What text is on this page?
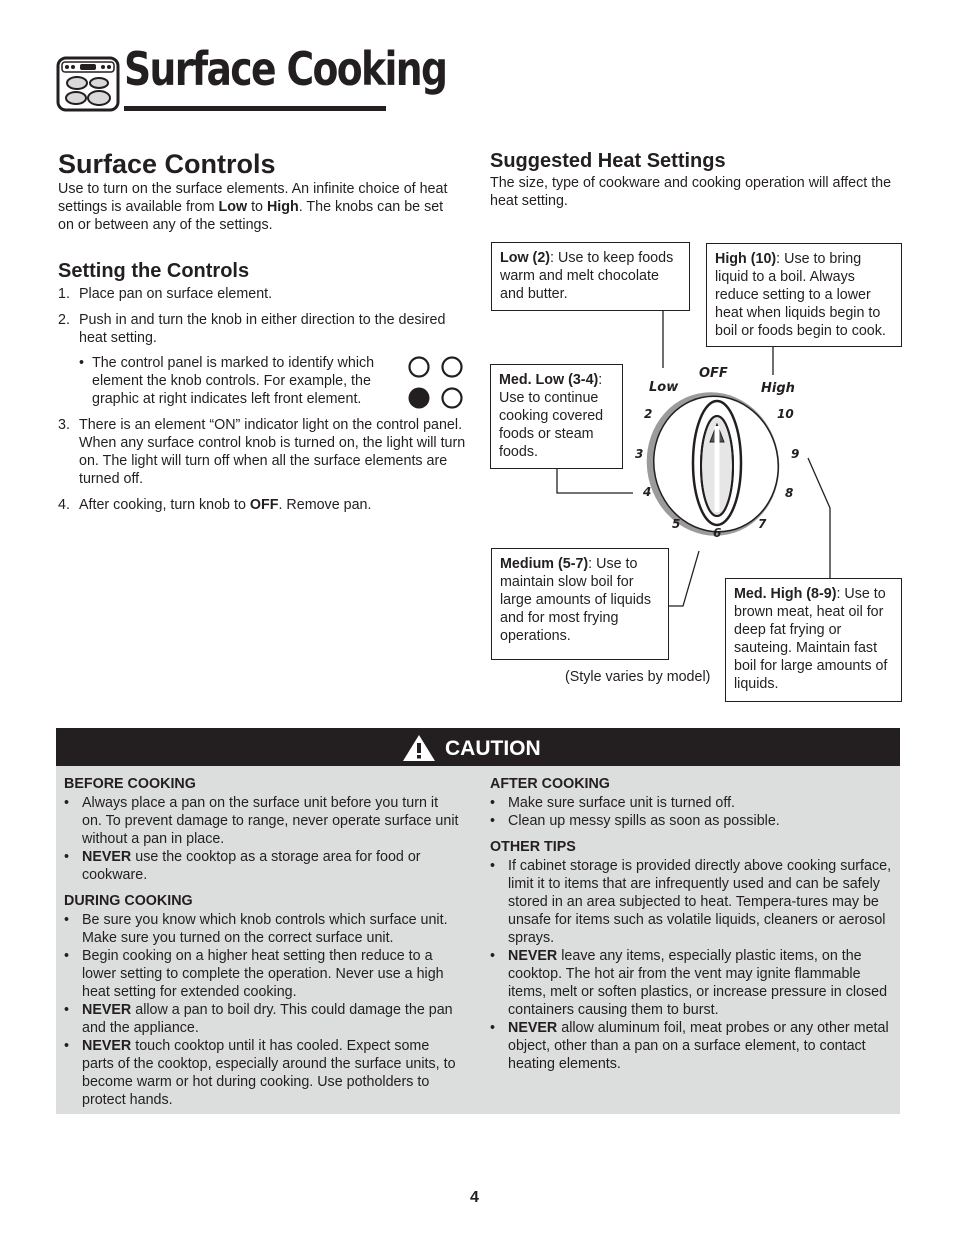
Surface Cooking
Surface Controls
Use to turn on the surface elements. An infinite choice of heat settings is available from Low to High. The knobs can be set on or between any of the settings.
Setting the Controls
1. Place pan on surface element.
2. Push in and turn the knob in either direction to the desired heat setting.
• The control panel is marked to identify which element the knob controls. For example, the graphic at right indicates left front element.
3. There is an element “ON” indicator light on the control panel. When any surface control knob is turned on, the light will turn on. The light will turn off when all the surface elements are turned off.
4. After cooking, turn knob to OFF. Remove pan.
Suggested Heat Settings
The size, type of cookware and cooking operation will affect the heat setting.
OFF
Low	High
2
3
4
5
6
7
8
9
10
Low (2): Use to keep foods warm and melt chocolate and butter.
High (10): Use to bring liquid to a boil. Always reduce setting to a lower heat when liquids begin to boil or foods begin to cook.
Med. Low (3-4): Use to continue cooking covered foods or steam foods.
Medium (5-7): Use to maintain slow boil for large amounts of liquids and for most frying operations.
Med. High (8-9): Use to brown meat, heat oil for deep fat frying or sauteing. Maintain fast boil for large amounts of liquids.
(Style varies by model)
CAUTION
BEFORE COOKING
• Always place a pan on the surface unit before you turn it on. To prevent damage to range, never operate surface unit without a pan in place.
• NEVER use the cooktop as a storage area for food or cookware.
DURING COOKING
• Be sure you know which knob controls which surface unit. Make sure you turned on the correct surface unit.
• Begin cooking on a higher heat setting then reduce to a lower setting to complete the operation. Never use a high heat setting for extended cooking.
• NEVER allow a pan to boil dry. This could damage the pan and the appliance.
• NEVER touch cooktop until it has cooled. Expect some parts of the cooktop, especially around the surface units, to become warm or hot during cooking. Use potholders to protect hands.
AFTER COOKING
• Make sure surface unit is turned off.
• Clean up messy spills as soon as possible.
OTHER TIPS
• If cabinet storage is provided directly above cooking surface, limit it to items that are infrequently used and can be safely stored in an area subjected to heat. Tempera-tures may be unsafe for items such as volatile liquids, cleaners or aerosol sprays.
• NEVER leave any items, especially plastic items, on the cooktop. The hot air from the vent may ignite flammable items, melt or soften plastics, or increase pressure in closed containers causing them to burst.
• NEVER allow aluminum foil, meat probes or any other metal object, other than a pan on a surface element, to contact heating elements.
4
